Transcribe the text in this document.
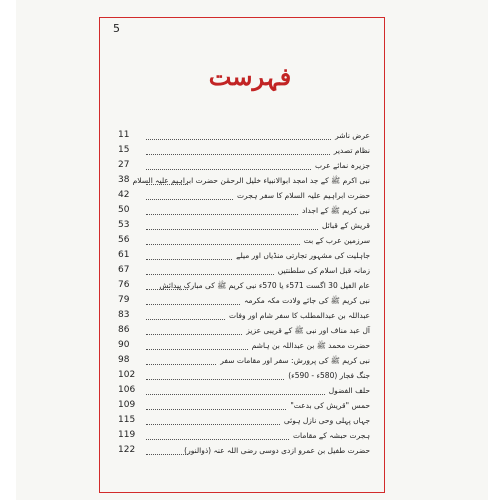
5
فہرست
11	عرض ناشر
15	نظام تصدیر
27	جزیرہ نمائے عرب
38 نبی اکرم ﷺ کے جد امجد ابوالانبیاء خلیل الرحمٰن حضرت ابراہیم علیہ السلام
42	حضرت ابراہیم علیہ السلام کا سفر ہجرت
50	نبی کریم ﷺ کے اجداد
53	قریش کے قبائل
56	سرزمین عرب کے بت
61	جاہلیت کی مشہور تجارتی منڈیاں اور میلے
67	زمانہ قبل اسلام کی سلطنتیں
76	عام الفیل 30 اگست 571ء یا 570ء نبی کریم ﷺ کی مبارک پیدائش
79	نبی کریم ﷺ کی جائے ولادت مکہ مکرمہ
83	عبداللہ بن عبدالمطلب کا سفر شام اور وفات
86	آل عبد مناف اور نبی ﷺ کے قریبی عزیز
90	حضرت محمد ﷺ بن عبداللہ بن ہاشم
98	نبی کریم ﷺ کی پرورش: سفر اور مقامات سفر
102	جنگ فجار (580ء - 590ء)
106	حلف الفضول
109	حمس "قریش کی بدعت"
115	جہاں پہلی وحی نازل ہوئی
119	ہجرت حبشہ کے مقامات
122	حضرت طفیل بن عمرو ازدی دوسی رضی اللہ عنہ (ذوالنور)
